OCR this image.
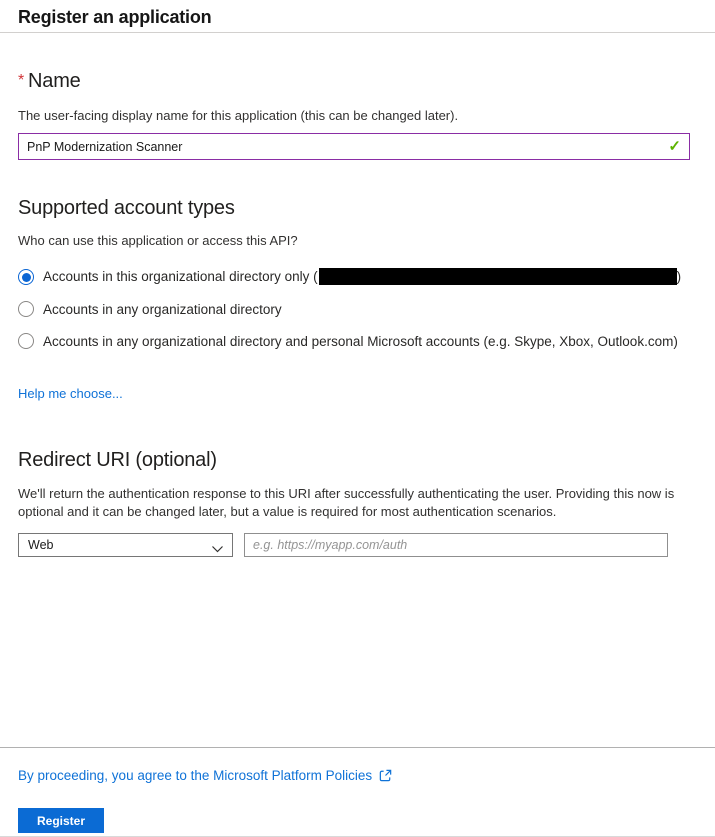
Register an application
* Name
The user-facing display name for this application (this can be changed later).
PnP Modernization Scanner
✓
Supported account types
Who can use this application or access this API?
Accounts in this organizational directory only (	)
Accounts in any organizational directory
Accounts in any organizational directory and personal Microsoft accounts (e.g. Skype, Xbox, Outlook.com)
Help me choose...
Redirect URI (optional)
We'll return the authentication response to this URI after successfully authenticating the user. Providing this now is optional and it can be changed later, but a value is required for most authentication scenarios.
Web
e.g. https://myapp.com/auth
By proceeding, you agree to the Microsoft Platform Policies
Register
